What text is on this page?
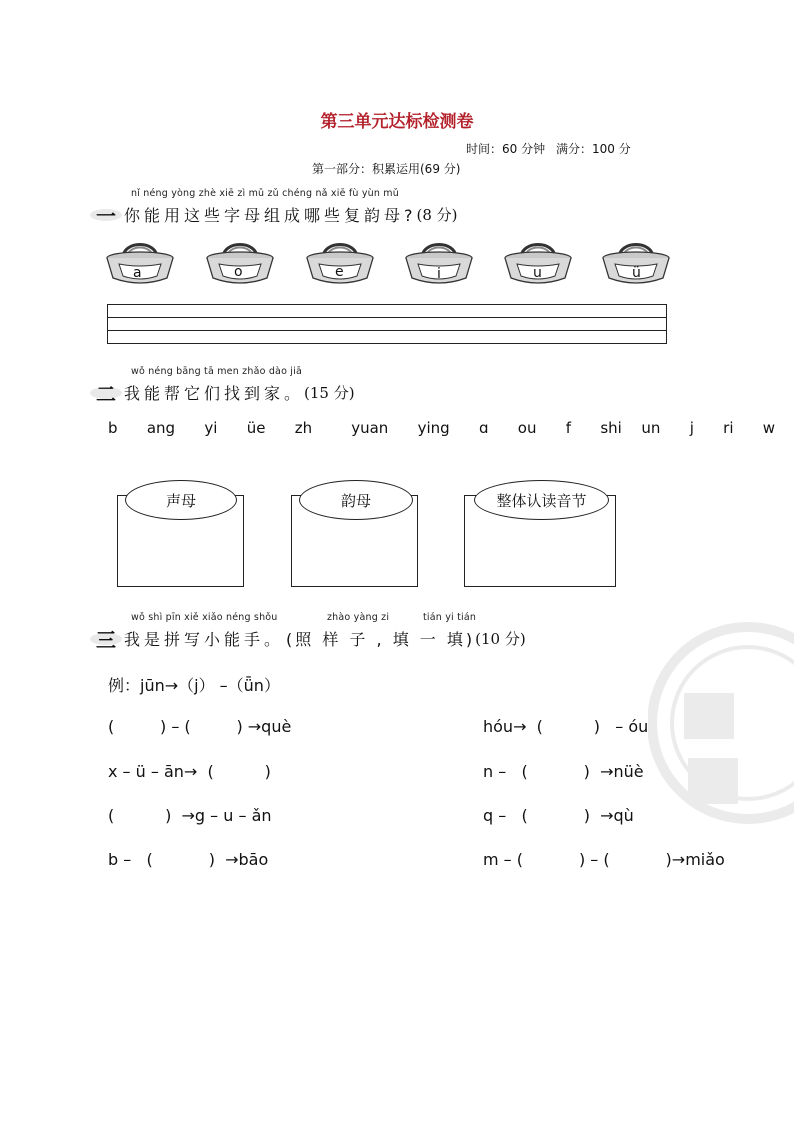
第三单元达标检测卷
时间：60 分钟 满分：100 分
第一部分：积累运用(69 分)
nǐ néng yòng zhè xiē zì mǔ zǔ chéng nǎ xiē fù yùn mǔ
一 你能用这些字母组成哪些复韵母? (8 分)
a	o	e	i	u	ü
wǒ néng bāng tā men zhǎo dào jiā
二 我能帮它们找到家。 (15 分)
b   ang   yi   üe   zh    yuan   ying   ɑ   ou   f   shi  un   j   ri   w
声母	韵母	整体认读音节
wǒ shì pīn xiě xiǎo néng shǒu	zhào yàng zi	tián yi tián
三 我是拼写小能手。 (照 样 子 , 填 一 填) (10 分)
例：jūn→（j） –（ǖn）
(         ) – (         ) →què	hóu→  (          )   – óu
x – ü – ān→  (          )	n –   (           )  →nüè
(          )  →g – u – ǎn	q –   (           )  →qù
b –   (           )  →bāo	m – (           ) – (           )→miǎo
